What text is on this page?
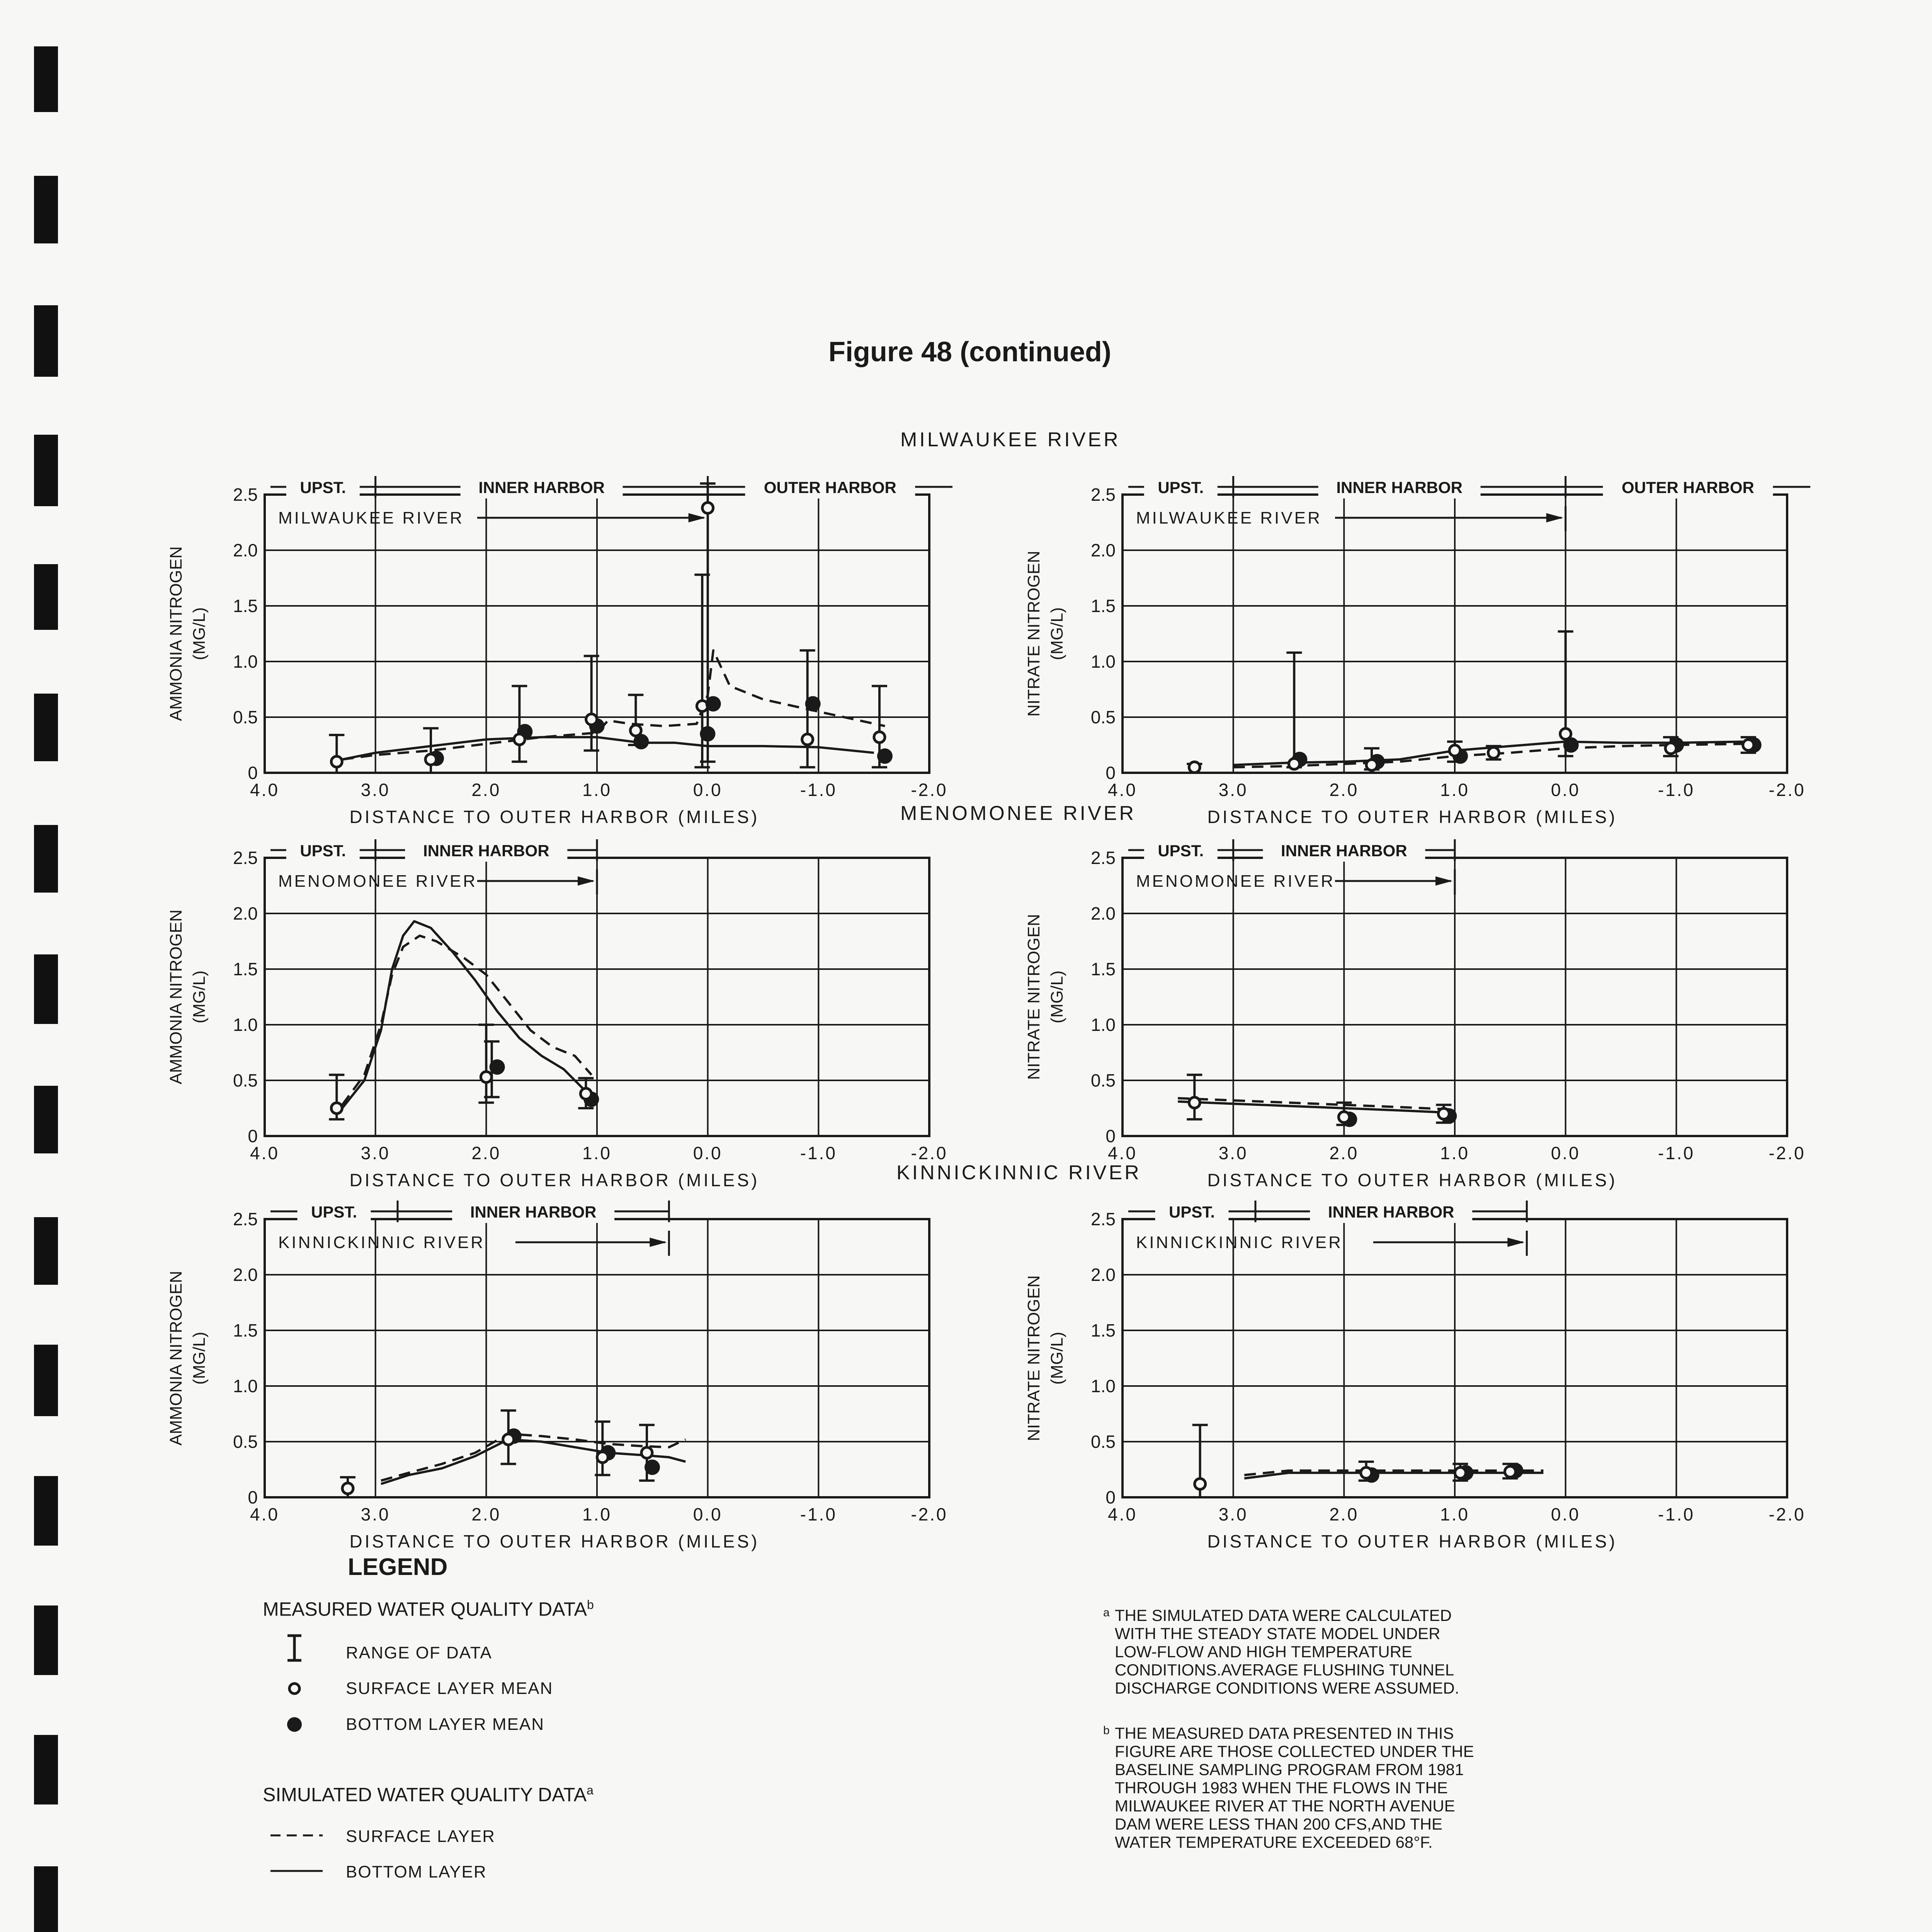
Figure 48 (continued)
MILWAUKEE RIVER
MENOMONEE RIVER
KINNICKINNIC RIVER
0
0.5
1.0
1.5
2.0
2.5
4.0	3.0	2.0	1.0	0.0	-1.0	-2.0
DISTANCE TO OUTER HARBOR (MILES)
AMMONIA NITROGEN (MG/L)
UPST.	INNER HARBOR	OUTER HARBOR
MILWAUKEE RIVER
0
0.5
1.0
1.5
2.0
2.5
4.0	3.0	2.0	1.0	0.0	-1.0	-2.0
DISTANCE TO OUTER HARBOR (MILES)
NITRATE NITROGEN (MG/L)
UPST.	INNER HARBOR	OUTER HARBOR
MILWAUKEE RIVER
0
0.5
1.0
1.5
2.0
2.5
4.0	3.0	2.0	1.0	0.0	-1.0	-2.0
DISTANCE TO OUTER HARBOR (MILES)
AMMONIA NITROGEN (MG/L)
UPST.	INNER HARBOR
MENOMONEE RIVER
0
0.5
1.0
1.5
2.0
2.5
4.0	3.0	2.0	1.0	0.0	-1.0	-2.0
DISTANCE TO OUTER HARBOR (MILES)
NITRATE NITROGEN (MG/L)
UPST.	INNER HARBOR
MENOMONEE RIVER
0
0.5
1.0
1.5
2.0
2.5
4.0	3.0	2.0	1.0	0.0	-1.0	-2.0
DISTANCE TO OUTER HARBOR (MILES)
AMMONIA NITROGEN (MG/L)
UPST.	INNER HARBOR
KINNICKINNIC RIVER
0
0.5
1.0
1.5
2.0
2.5
4.0	3.0	2.0	1.0	0.0	-1.0	-2.0
DISTANCE TO OUTER HARBOR (MILES)
NITRATE NITROGEN (MG/L)
UPST.	INNER HARBOR
KINNICKINNIC RIVER
LEGEND
MEASURED WATER QUALITY DATA$^b$
RANGE OF DATA
SURFACE LAYER MEAN
BOTTOM LAYER MEAN
SIMULATED WATER QUALITY DATA$^a$
SURFACE LAYER
BOTTOM LAYER
$^a$ THE SIMULATED DATA WERE CALCULATED
WITH THE STEADY STATE MODEL UNDER
LOW-FLOW AND HIGH TEMPERATURE
CONDITIONS.AVERAGE FLUSHING TUNNEL
DISCHARGE CONDITIONS WERE ASSUMED.
$^b$ THE MEASURED DATA PRESENTED IN THIS
FIGURE ARE THOSE COLLECTED UNDER THE
BASELINE SAMPLING PROGRAM FROM 1981
THROUGH 1983 WHEN THE FLOWS IN THE
MILWAUKEE RIVER AT THE NORTH AVENUE
DAM WERE LESS THAN 200 CFS,AND THE
WATER TEMPERATURE EXCEEDED 68°F.
